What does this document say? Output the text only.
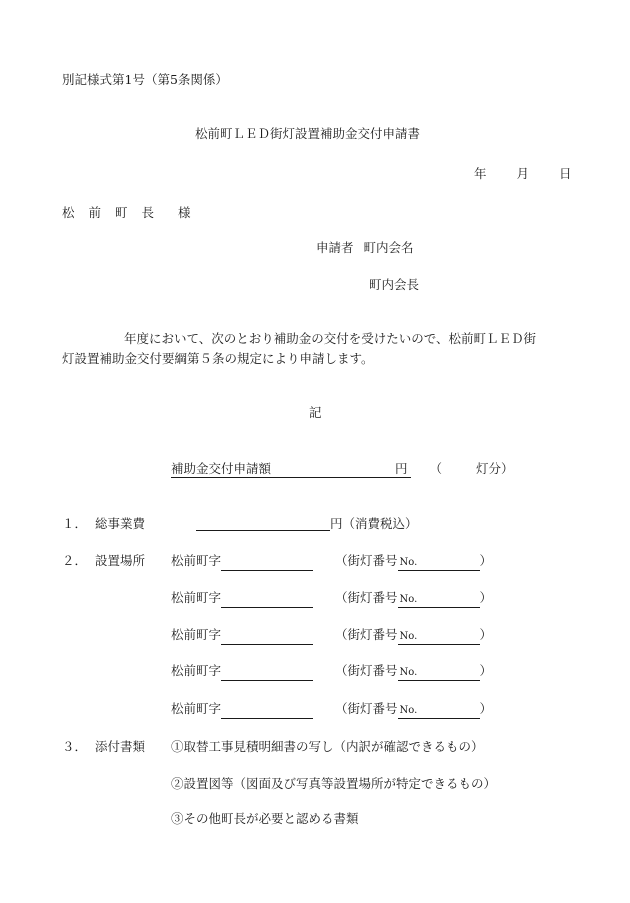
別記様式第1号（第5条関係）
松前町ＬＥＤ街灯設置補助金交付申請書
年 月 日
松前町長 様
申請者 町内会名
町内会長
年度において、次のとおり補助金の交付を受けたいので、松前町ＬＥＤ街
灯設置補助金交付要綱第５条の規定により申請します。
記
補助金交付申請額	円 （	灯分）
１． 総事業費	円（消費税込）
２． 設置場所 松前町字	（街灯番号 No.	）
松前町字	（街灯番号 No.	）
松前町字	（街灯番号 No.	）
松前町字	（街灯番号 No.	）
松前町字	（街灯番号 No.	）
３． 添付書類 ①取替工事見積明細書の写し（内訳が確認できるもの）
②設置図等（図面及び写真等設置場所が特定できるもの）
③その他町長が必要と認める書類
